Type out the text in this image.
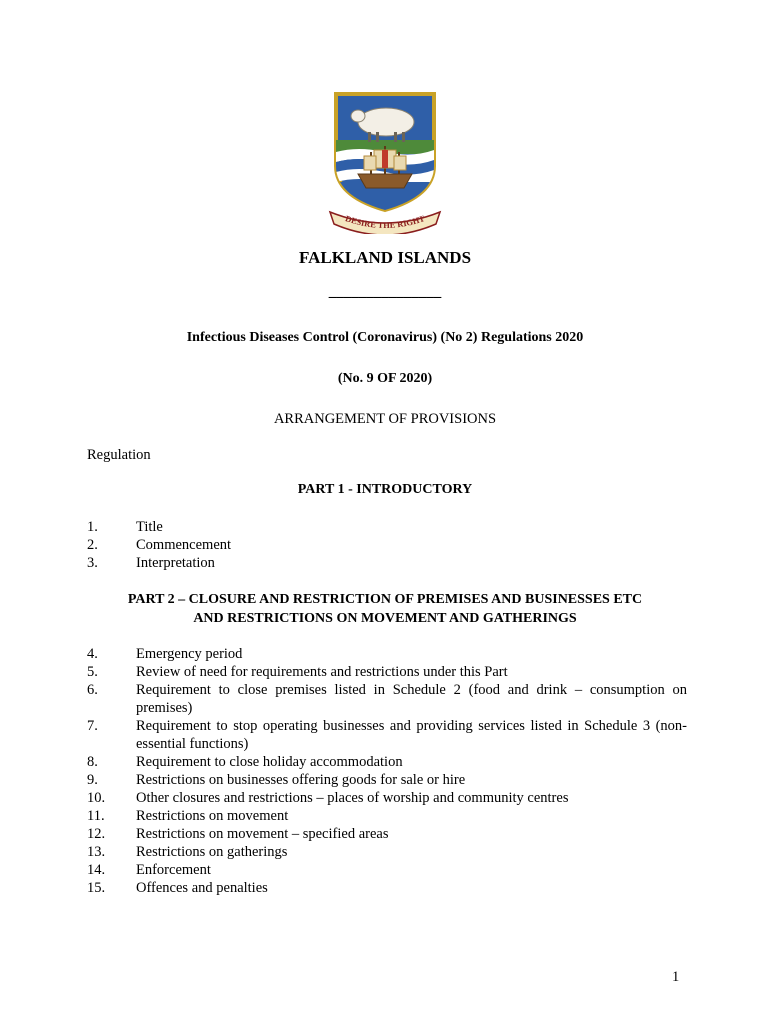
DESIRE THE RIGHT
FALKLAND ISLANDS
_______________
Infectious Diseases Control (Coronavirus) (No 2) Regulations 2020
(No. 9 OF 2020)
ARRANGEMENT OF PROVISIONS
Regulation
PART 1 - INTRODUCTORY
1.	Title
2.	Commencement
3.	Interpretation
PART 2 – CLOSURE AND RESTRICTION OF PREMISES AND BUSINESSES ETC
AND RESTRICTIONS ON MOVEMENT AND GATHERINGS
4.	Emergency period
5.	Review of need for requirements and restrictions under this Part
6.	Requirement to close premises listed in Schedule 2 (food and drink – consumption on premises)
7.	Requirement to stop operating businesses and providing services listed in Schedule 3 (non-essential functions)
8.	Requirement to close holiday accommodation
9.	Restrictions on businesses offering goods for sale or hire
10. Other closures and restrictions – places of worship and community centres
11. Restrictions on movement
12. Restrictions on movement – specified areas
13. Restrictions on gatherings
14. Enforcement
15. Offences and penalties
1
